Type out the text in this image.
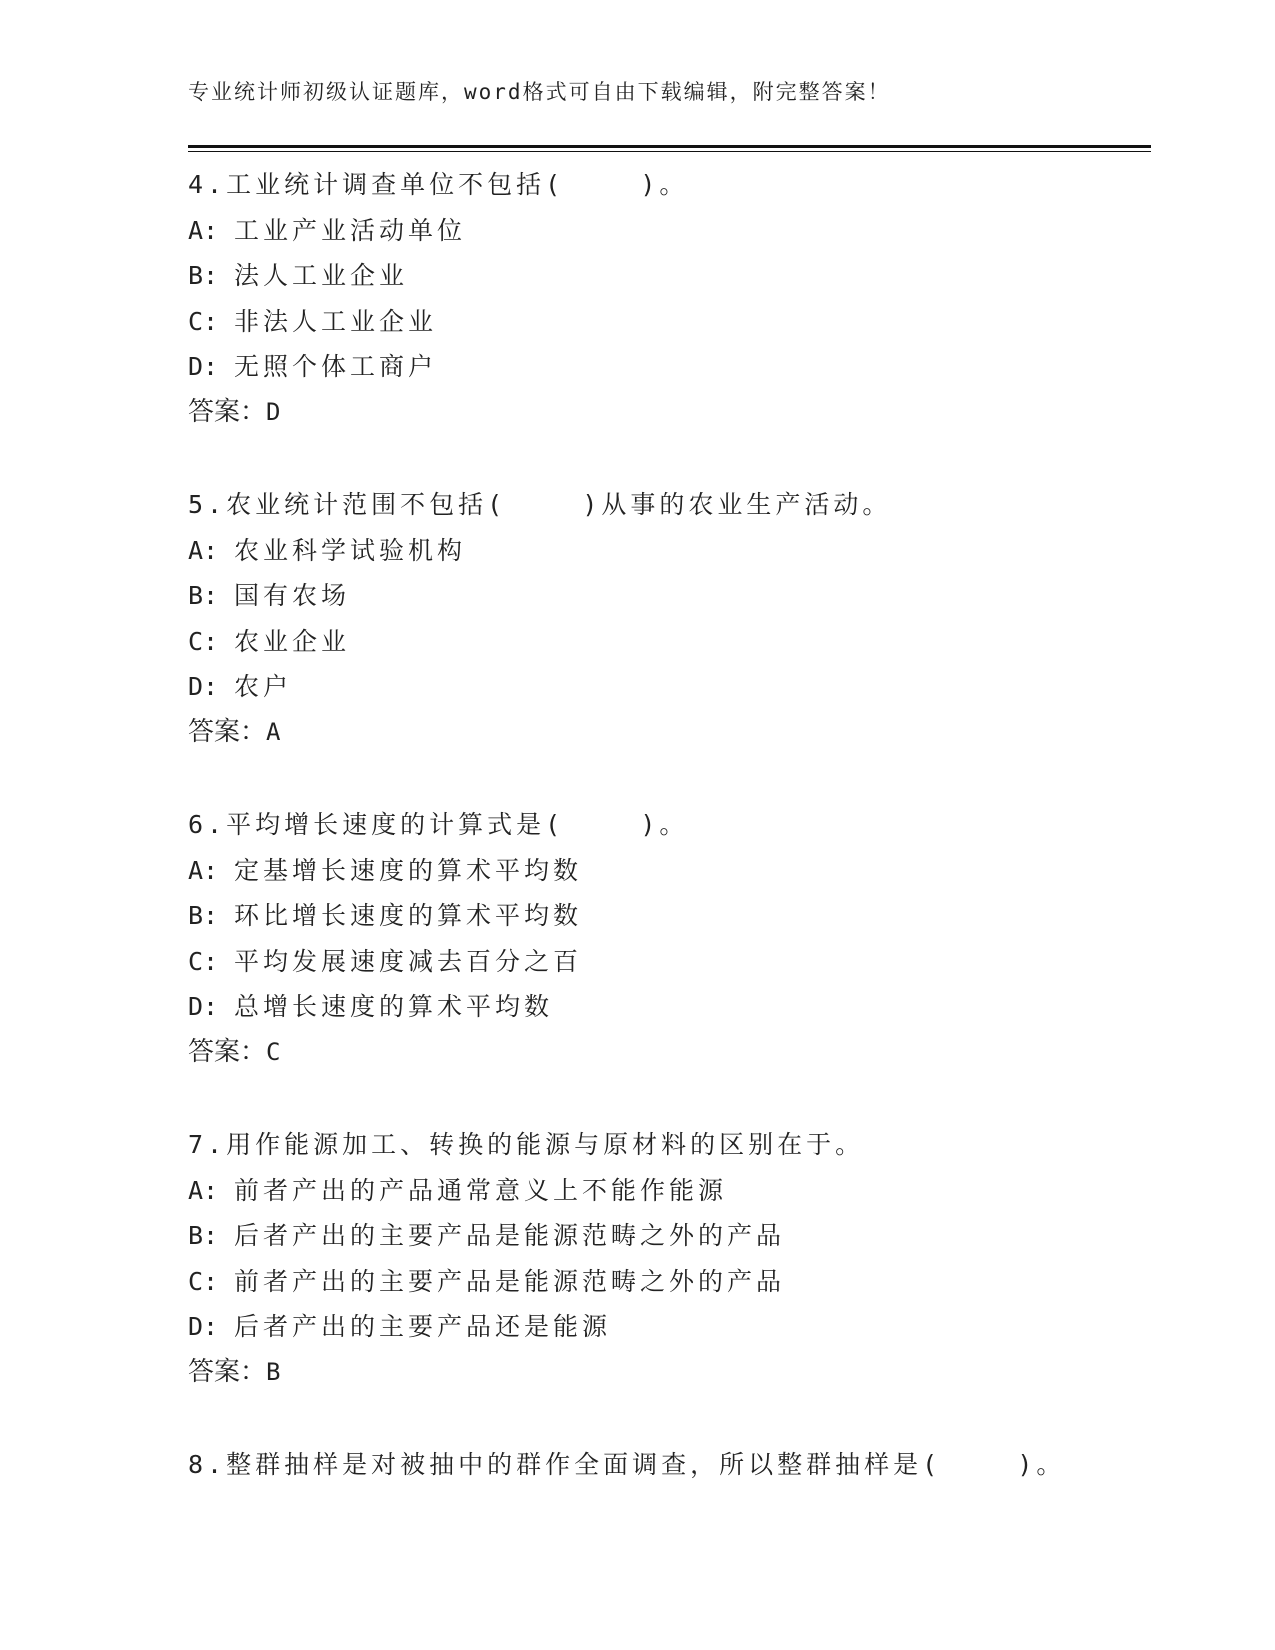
专业统计师初级认证题库，word格式可自由下载编辑，附完整答案！
4.工业统计调查单位不包括(    )。
A: 工业产业活动单位
B: 法人工业企业
C: 非法人工业企业
D: 无照个体工商户
答案：D
5.农业统计范围不包括(    )从事的农业生产活动。
A: 农业科学试验机构
B: 国有农场
C: 农业企业
D: 农户
答案：A
6.平均增长速度的计算式是(    )。
A: 定基增长速度的算术平均数
B: 环比增长速度的算术平均数
C: 平均发展速度减去百分之百
D: 总增长速度的算术平均数
答案：C
7.用作能源加工、转换的能源与原材料的区别在于。
A: 前者产出的产品通常意义上不能作能源
B: 后者产出的主要产品是能源范畴之外的产品
C: 前者产出的主要产品是能源范畴之外的产品
D: 后者产出的主要产品还是能源
答案：B
8.整群抽样是对被抽中的群作全面调查，所以整群抽样是(    )。
